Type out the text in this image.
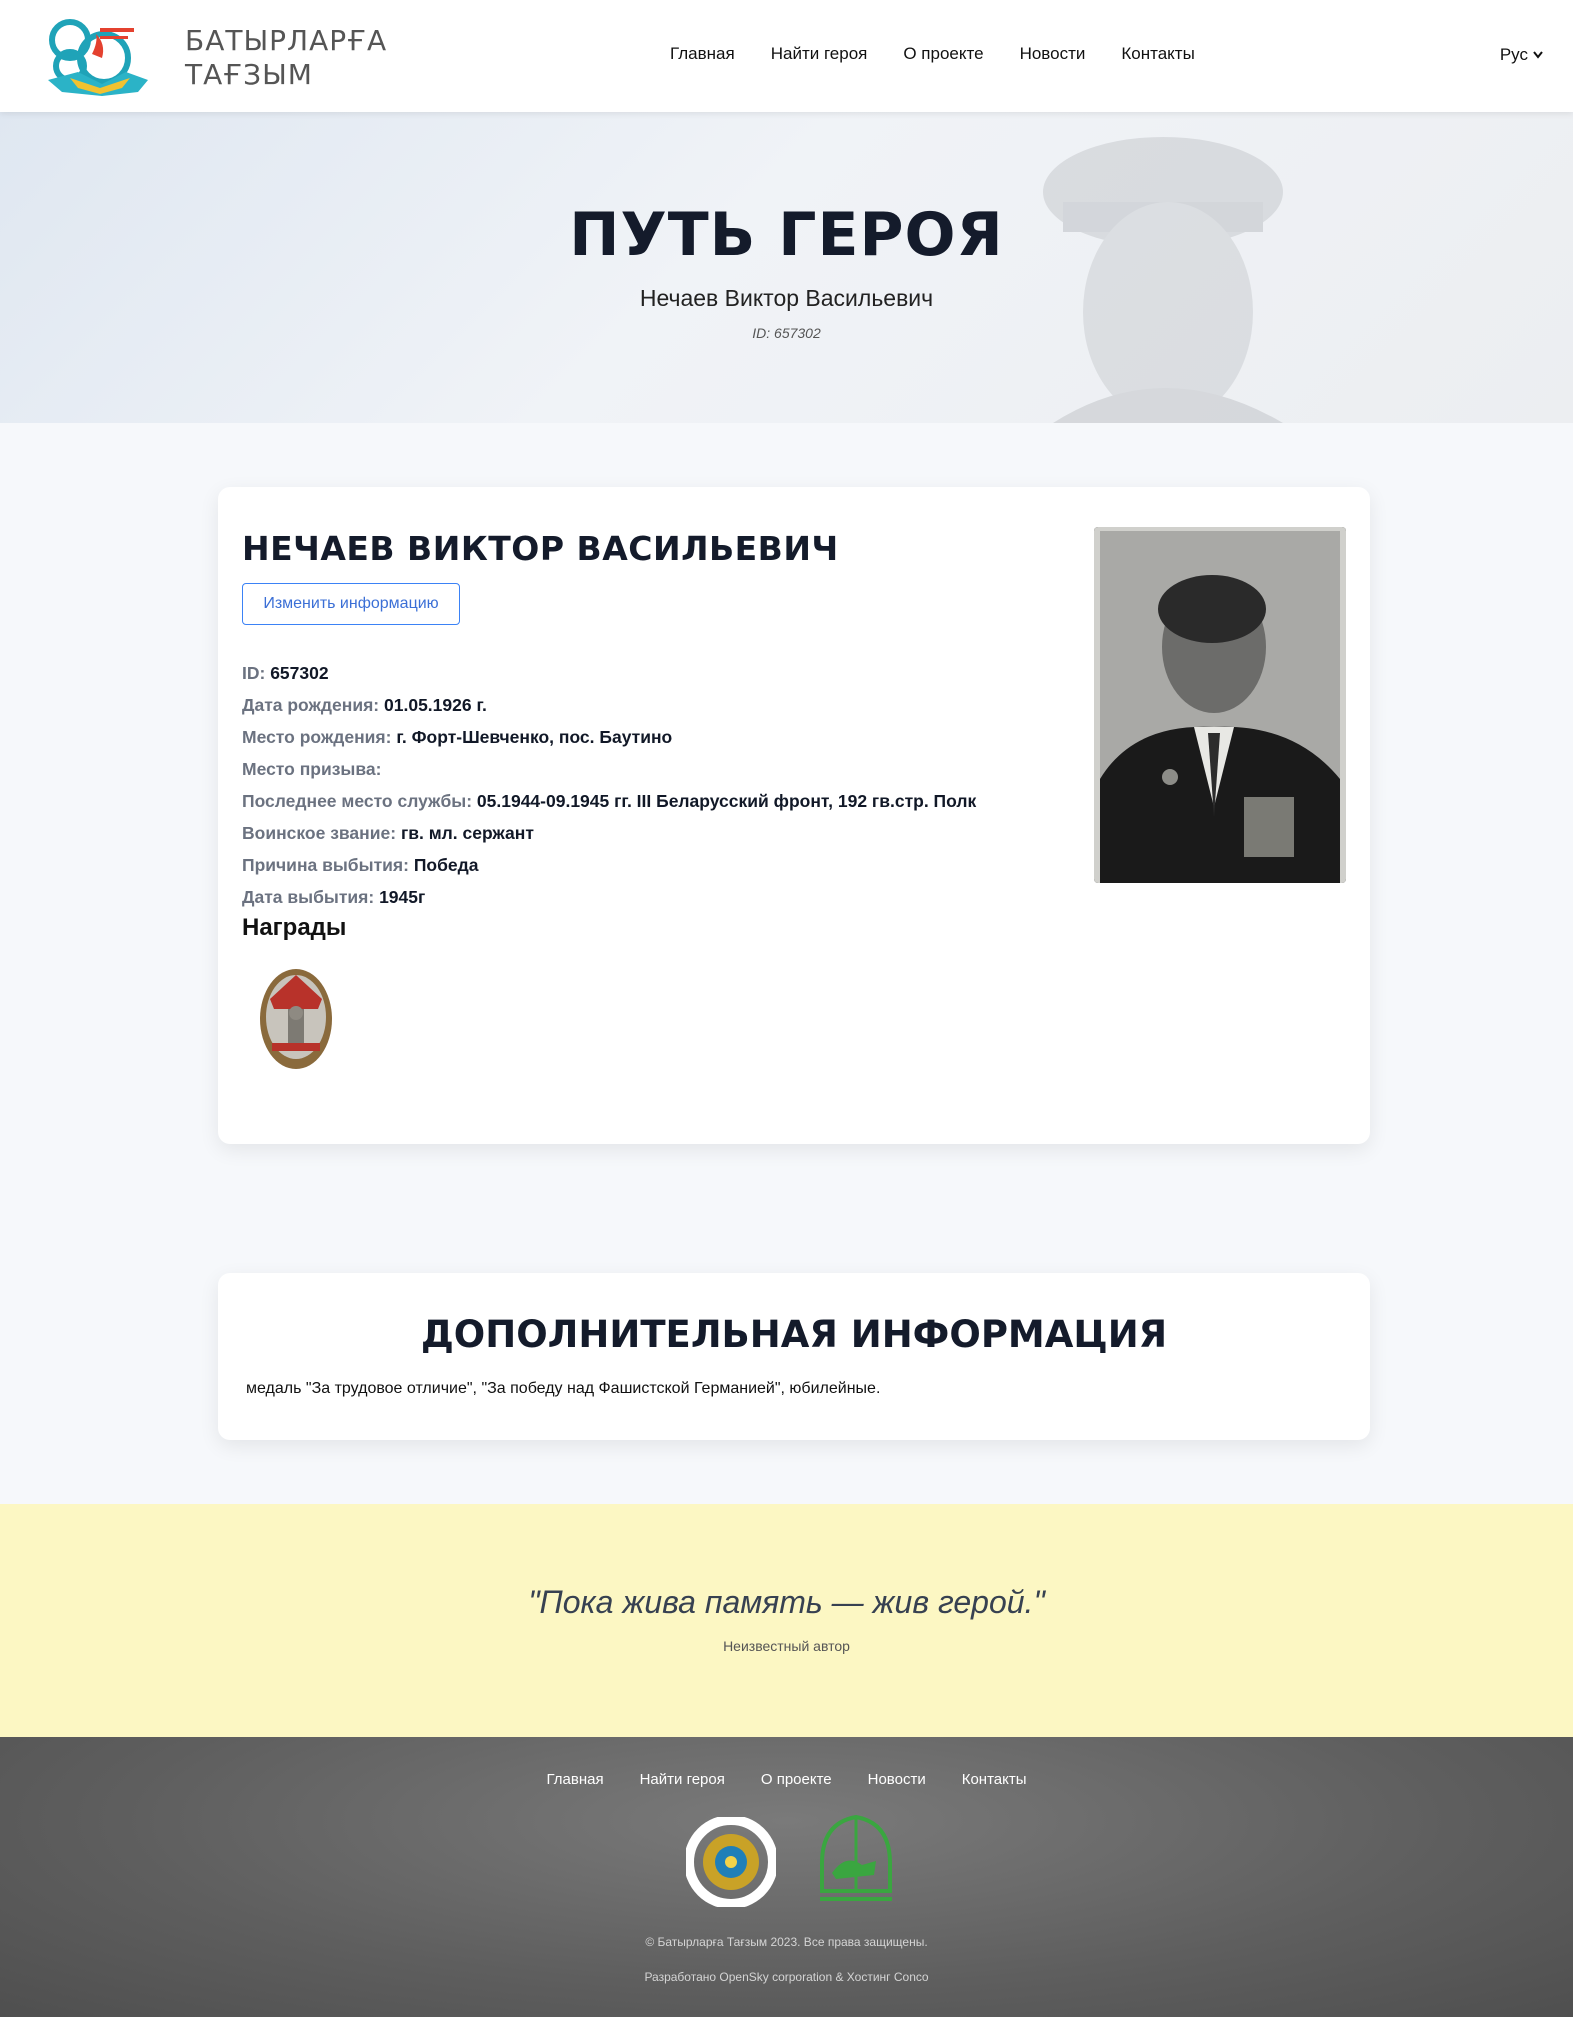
БАТЫРЛАРҒА
ТАҒЗЫМ
Главная Найти героя О проекте Новости Контакты	Рус
ПУТЬ ГЕРОЯ
Нечаев Виктор Васильевич
ID: 657302
НЕЧАЕВ ВИКТОР ВАСИЛЬЕВИЧ
Изменить информацию
ID: 657302
Дата рождения: 01.05.1926 г.
Место рождения: г. Форт-Шевченко, пос. Баутино
Место призыва:
Последнее место службы: 05.1944-09.1945 гг. III Беларусский фронт, 192 гв.стр. Полк
Воинское звание: гв. мл. сержант
Причина выбытия: Победа
Дата выбытия: 1945г
Награды
ДОПОЛНИТЕЛЬНАЯ ИНФОРМАЦИЯ
медаль "За трудовое отличие", "За победу над Фашистской Германией", юбилейные.
"Пока жива память — жив герой."
Неизвестный автор
Главная Найти героя О проекте Новости Контакты
© Батырларға Тағзым 2023. Все права защищены.
Разработано OpenSky corporation & Хостинг Conco
